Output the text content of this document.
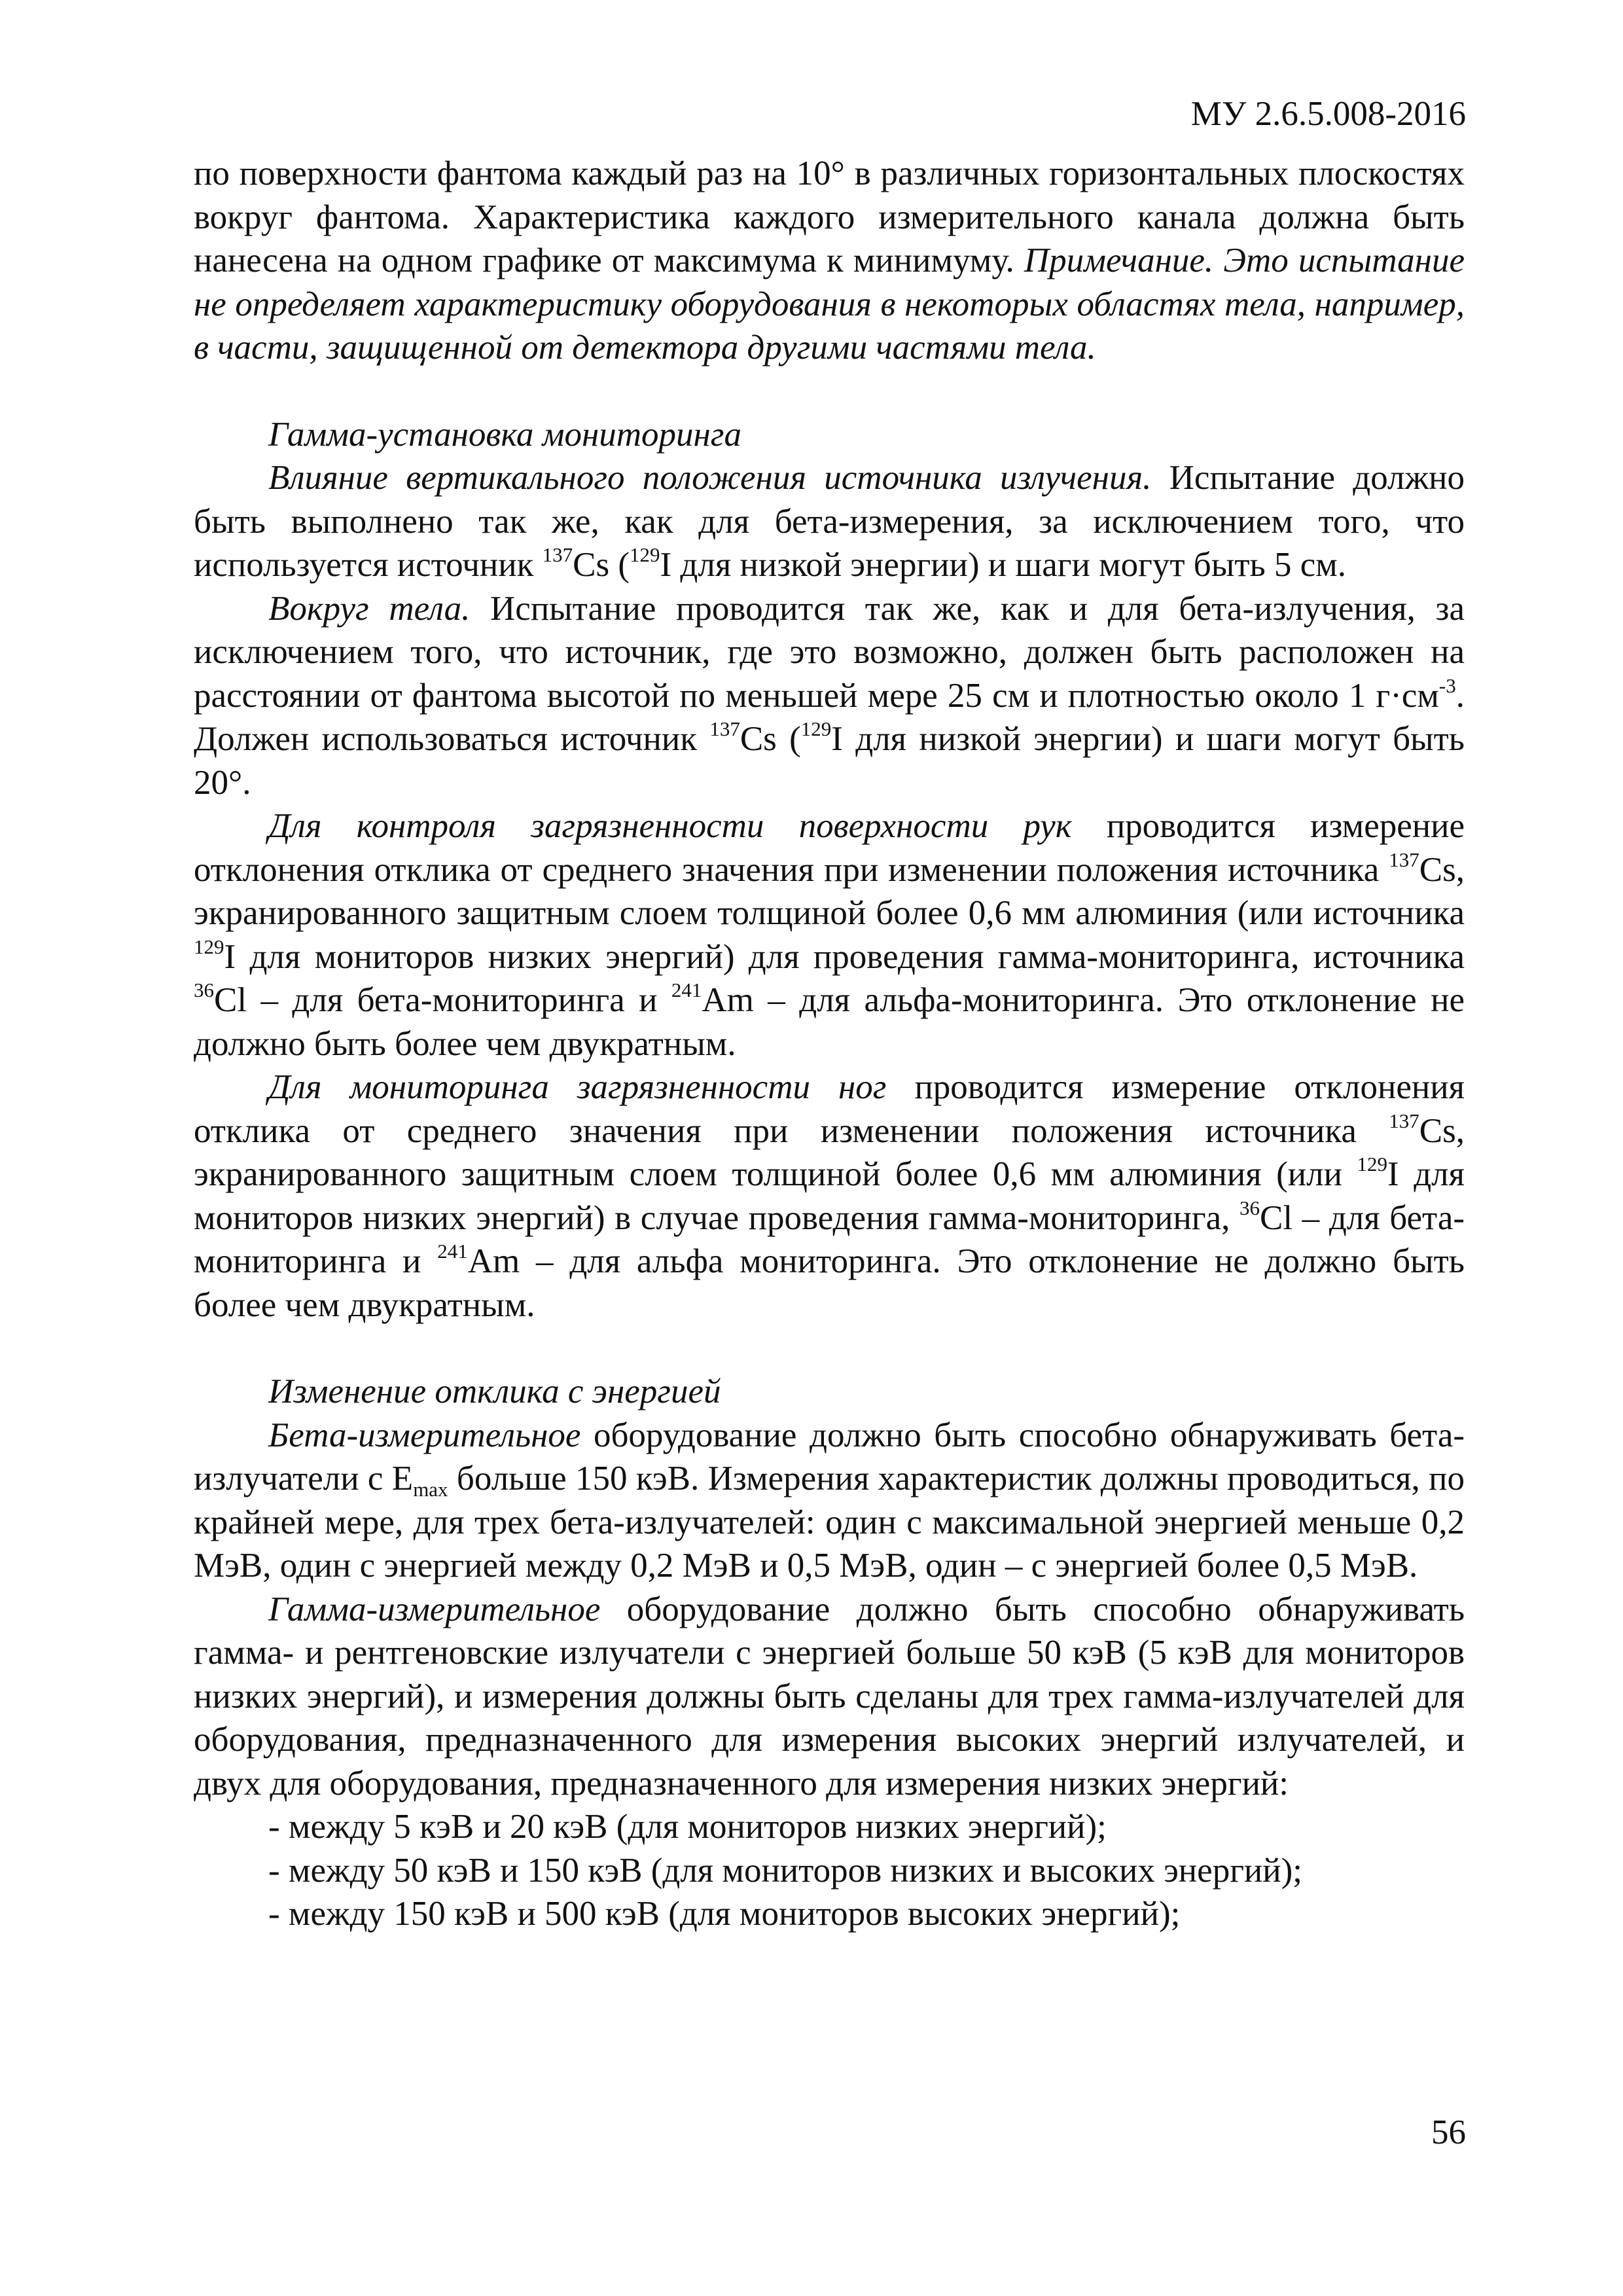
МУ 2.6.5.008-2016

по поверхности фантома каждый раз на 10° в различных горизонтальных плоскостях вокруг фантома. Характеристика каждого измерительного канала должна быть нанесена на одном графике от максимума к минимуму. Примечание. Это испытание не определяет характеристику оборудования в некоторых областях тела, например, в части, защищенной от детектора другими частями тела.

Гамма-установка мониторинга

Влияние вертикального положения источника излучения. Испытание должно быть выполнено так же, как для бета-измерения, за исключением того, что используется источник $^{137}$Cs ($^{129}$I для низкой энергии) и шаги могут быть 5 см.

Вокруг тела. Испытание проводится так же, как и для бета-излучения, за исключением того, что источник, где это возможно, должен быть расположен на расстоянии от фантома высотой по меньшей мере 25 см и плотностью около 1 $г\cdot см^{-3}$. Должен использоваться источник $^{137}$Cs ($^{129}$I для низкой энергии) и шаги могут быть 20°.

Для контроля загрязненности поверхности рук проводится измерение отклонения отклика от среднего значения при изменении положения источника $^{137}$Cs, экранированного защитным слоем толщиной более 0,6 мм алюминия (или источника $^{129}$I для мониторов низких энергий) для проведения гамма-мониторинга, источника $^{36}$Cl – для бета-мониторинга и $^{241}$Am – для альфа-мониторинга. Это отклонение не должно быть более чем двукратным.

Для мониторинга загрязненности ног проводится измерение отклонения отклика от среднего значения при изменении положения источника $^{137}$Cs, экранированного защитным слоем толщиной более 0,6 мм алюминия (или $^{129}$I для мониторов низких энергий) в случае проведения гамма-мониторинга, $^{36}$Cl – для бета-мониторинга и $^{241}$Am – для альфа мониторинга. Это отклонение не должно быть более чем двукратным.

Изменение отклика с энергией

Бета-измерительное оборудование должно быть способно обнаруживать бета-излучатели с $E_{max}$ больше 150 кэВ. Измерения характеристик должны проводиться, по крайней мере, для трех бета-излучателей: один с максимальной энергией меньше 0,2 МэВ, один с энергией между 0,2 МэВ и 0,5 МэВ, один – с энергией более 0,5 МэВ.

Гамма-измерительное оборудование должно быть способно обнаруживать гамма- и рентгеновские излучатели с энергией больше 50 кэВ (5 кэВ для мониторов низких энергий), и измерения должны быть сделаны для трех гамма-излучателей для оборудования, предназначенного для измерения высоких энергий излучателей, и двух для оборудования, предназначенного для измерения низких энергий:

- между 5 кэВ и 20 кэВ (для мониторов низких энергий);

- между 50 кэВ и 150 кэВ (для мониторов низких и высоких энергий);

- между 150 кэВ и 500 кэВ (для мониторов высоких энергий);

56
